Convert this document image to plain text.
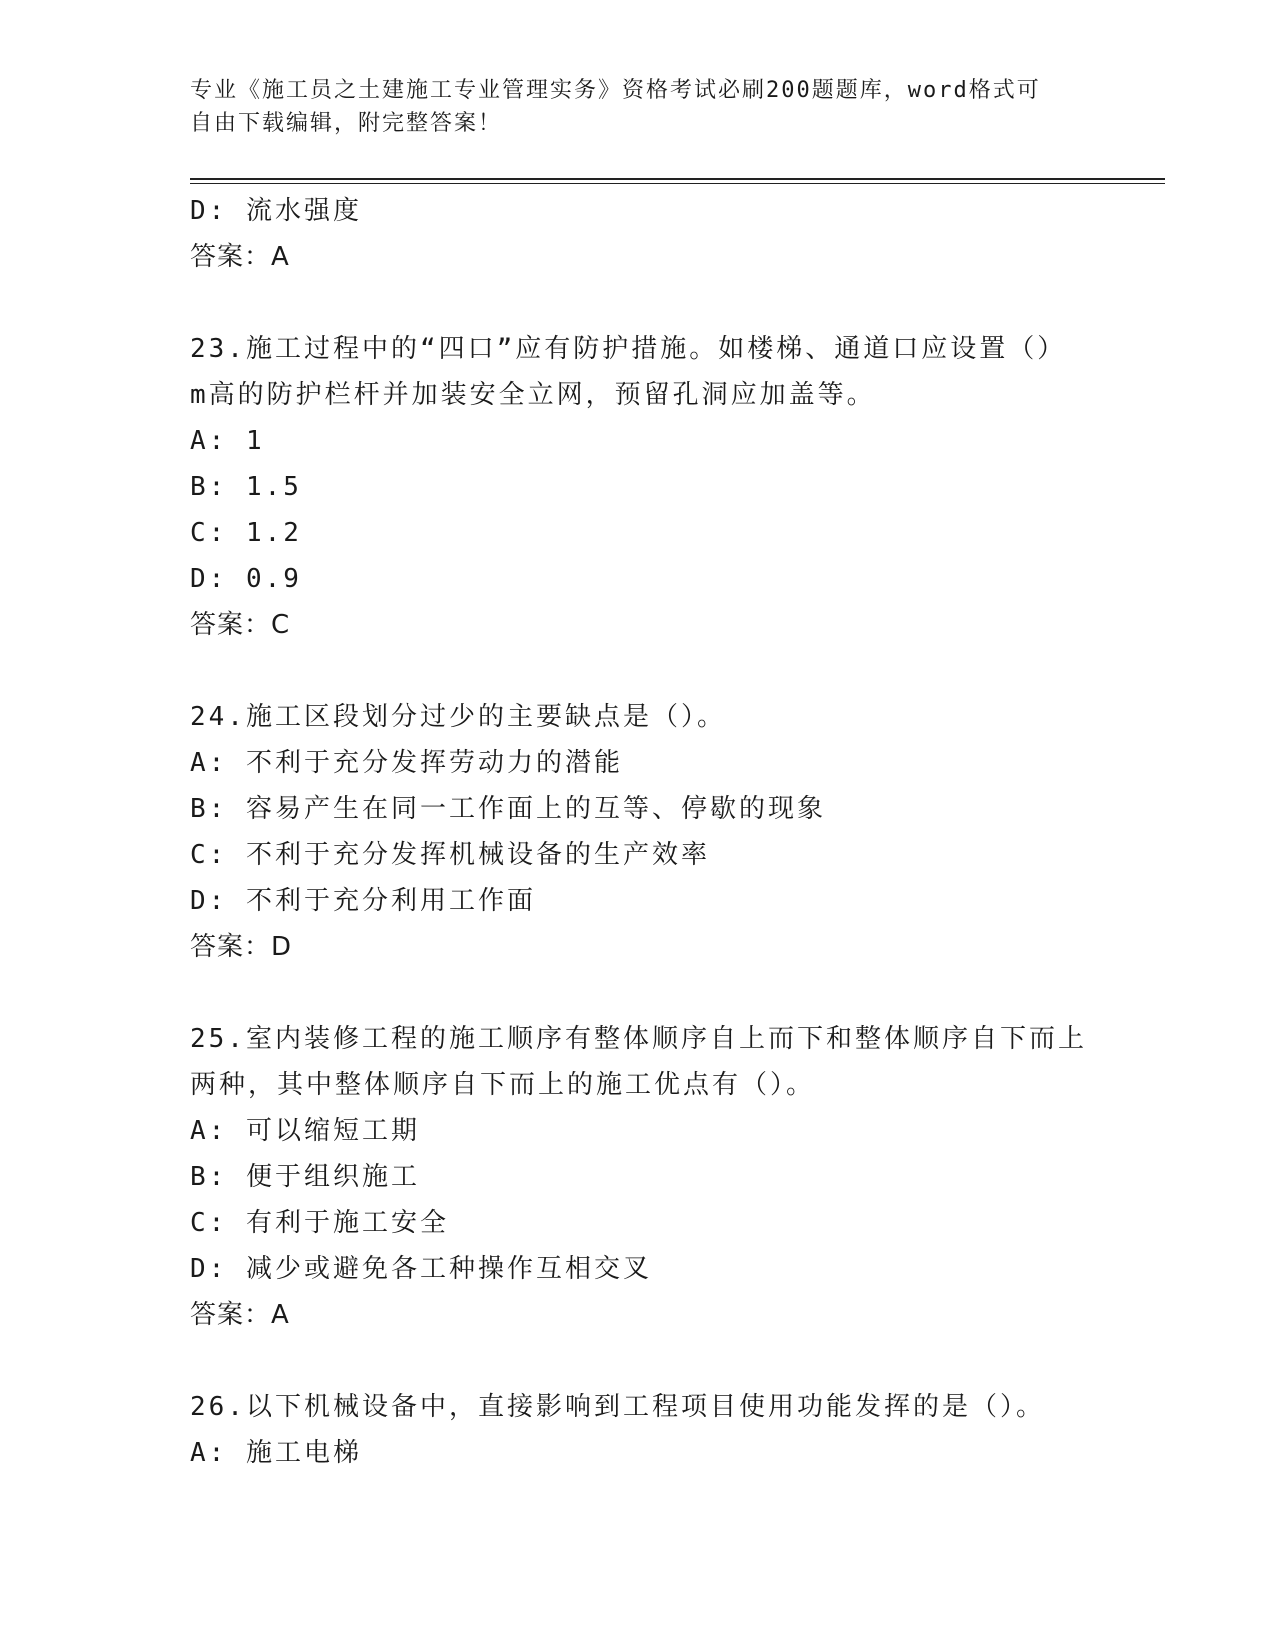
专业《施工员之土建施工专业管理实务》资格考试必刷200题题库，word格式可
自由下载编辑，附完整答案！
D: 流水强度
答案：A
23.施工过程中的“四口”应有防护措施。如楼梯、通道口应设置（）
m高的防护栏杆并加装安全立网，预留孔洞应加盖等。
A: 1
B: 1.5
C: 1.2
D: 0.9
答案：C
24.施工区段划分过少的主要缺点是（）。
A: 不利于充分发挥劳动力的潜能
B: 容易产生在同一工作面上的互等、停歇的现象
C: 不利于充分发挥机械设备的生产效率
D: 不利于充分利用工作面
答案：D
25.室内装修工程的施工顺序有整体顺序自上而下和整体顺序自下而上
两种，其中整体顺序自下而上的施工优点有（）。
A: 可以缩短工期
B: 便于组织施工
C: 有利于施工安全
D: 减少或避免各工种操作互相交叉
答案：A
26.以下机械设备中，直接影响到工程项目使用功能发挥的是（）。
A: 施工电梯
